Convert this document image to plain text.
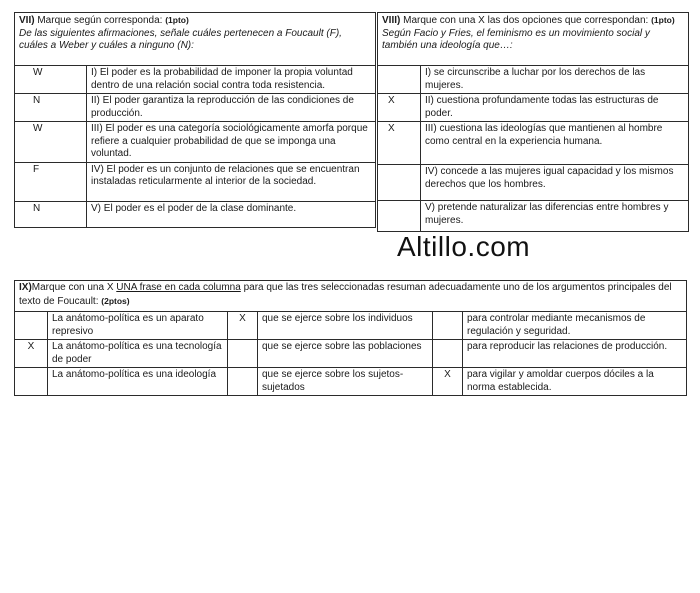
VII) Marque según corresponda: (1pto)
De las siguientes afirmaciones, señale cuáles pertenecen a Foucault (F), cuáles a Weber y cuáles a ninguno (N):	

W	I) El poder es la probabilidad de imponer la propia voluntad dentro de una relación social contra toda resistencia.
N	II) El poder garantiza la reproducción de las condiciones de producción.
W	III) El poder es una categoría sociológicamente amorfa porque refiere a cualquier probabilidad de que se imponga una voluntad.
F	IV) El poder es un conjunto de relaciones que se encuentran instaladas reticularmente al interior de la sociedad.
N	V) El poder es el poder de la clase dominante.
VIII) Marque con una X las dos opciones que correspondan: (1pto) Según Facio y Fries, el feminismo es un movimiento social y también una ideología que…:	
	I) se circunscribe a luchar por los derechos de las mujeres.
X	II) cuestiona profundamente todas las estructuras de poder.
X	III) cuestiona las ideologías que mantienen al hombre como central en la experiencia humana.
	IV) concede a las mujeres igual capacidad y los mismos derechos que los hombres.
	V) pretende naturalizar las diferencias entre hombres y mujeres.
Altillo.com
IX)Marque con una X UNA frase en cada columna para que las tres seleccionadas resuman adecuadamente uno de los argumentos principales del texto de Foucault: (2ptos)					
	La anátomo-política es un aparato represivo	X	que se ejerce sobre los individuos		para controlar mediante mecanismos de regulación y seguridad.
X	La anátomo-política es una tecnología de poder		que se ejerce sobre las poblaciones		para reproducir las relaciones de producción.
	La anátomo-política es una ideología		que se ejerce sobre los sujetos- sujetados	X	para vigilar y amoldar cuerpos dóciles a la norma establecida.
